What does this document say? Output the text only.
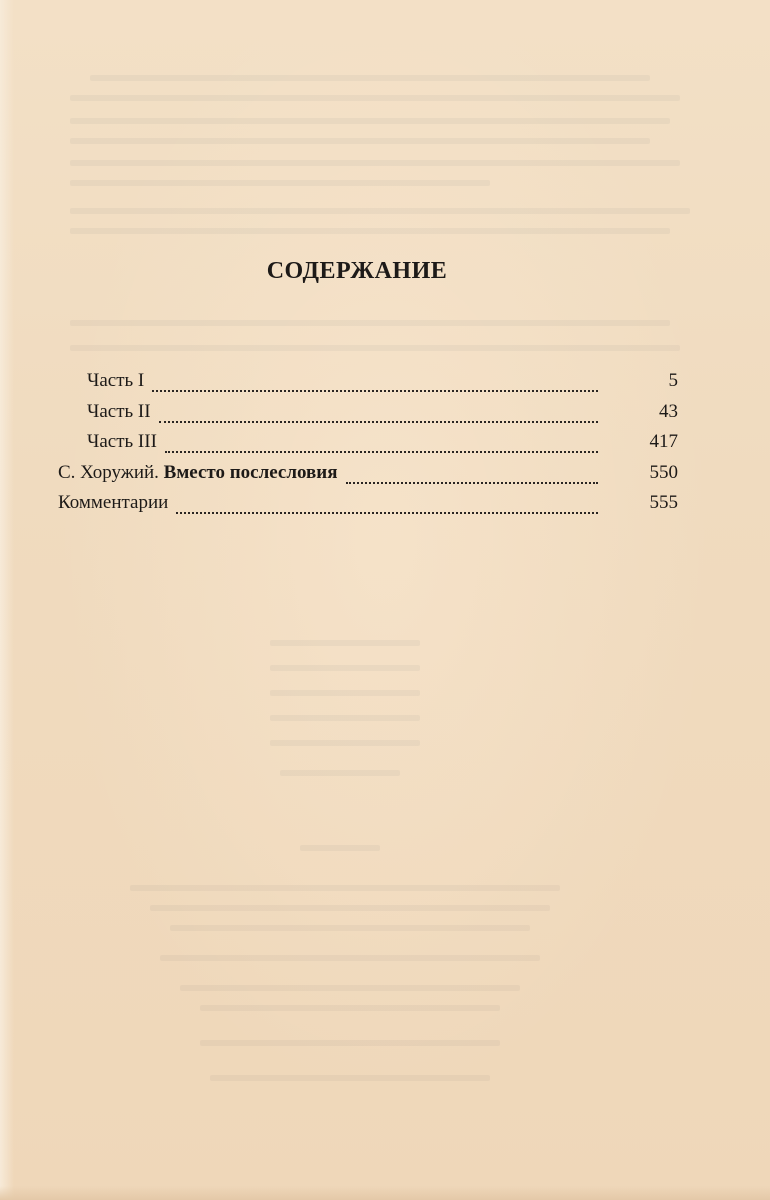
СОДЕРЖАНИЕ
Часть I	5
Часть II	43
Часть III	417
С. Хоружий. Вместо послесловия	550
Комментарии	555
